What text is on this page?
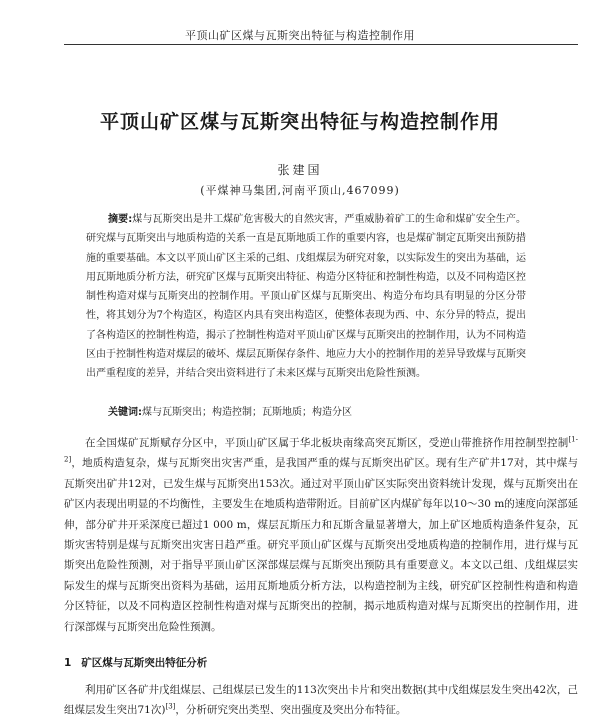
平顶山矿区煤与瓦斯突出特征与构造控制作用
平顶山矿区煤与瓦斯突出特征与构造控制作用
张建国
(平煤神马集团,河南平顶山,467099)

摘要:煤与瓦斯突出是井工煤矿危害极大的自然灾害，严重威胁着矿工的生命和煤矿安全生产。研究煤与瓦斯突出与地质构造的关系一直是瓦斯地质工作的重要内容，也是煤矿制定瓦斯突出预防措施的重要基础。本文以平顶山矿区主采的己组、戊组煤层为研究对象，以实际发生的突出为基础，运用瓦斯地质分析方法，研究矿区煤与瓦斯突出特征、构造分区特征和控制性构造，以及不同构造区控制性构造对煤与瓦斯突出的控制作用。平顶山矿区煤与瓦斯突出、构造分布均具有明显的分区分带性，将其划分为7个构造区，构造区内具有突出构造区，使整体表现为西、中、东分异的特点，提出了各构造区的控制性构造，揭示了控制性构造对平顶山矿区煤与瓦斯突出的控制作用，认为不同构造区由于控制性构造对煤层的破坏、煤层瓦斯保存条件、地应力大小的控制作用的差异导致煤与瓦斯突出严重程度的差异，并结合突出资料进行了未来区煤与瓦斯突出危险性预测。

关键词:煤与瓦斯突出；构造控制；瓦斯地质；构造分区

在全国煤矿瓦斯赋存分区中，平顶山矿区属于华北板块南缘高突瓦斯区，受逆山带推挤作用控制型控制[1-2]，地质构造复杂，煤与瓦斯突出灾害严重，是我国严重的煤与瓦斯突出矿区。现有生产矿井17对，其中煤与瓦斯突出矿井12对，已发生煤与瓦斯突出153次。通过对平顶山矿区实际突出资料统计发现，煤与瓦斯突出在矿区内表现出明显的不均衡性，主要发生在地质构造带附近。目前矿区内煤矿每年以10～30 m的速度向深部延伸，部分矿井开采深度已超过1 000 m，煤层瓦斯压力和瓦斯含量显著增大，加上矿区地质构造条件复杂，瓦斯灾害特别是煤与瓦斯突出灾害日趋严重。研究平顶山矿区煤与瓦斯突出受地质构造的控制作用，进行煤与瓦斯突出危险性预测，对于指导平顶山矿区深部煤层煤与瓦斯突出预防具有重要意义。本文以己组、戊组煤层实际发生的煤与瓦斯突出资料为基础，运用瓦斯地质分析方法，以构造控制为主线，研究矿区控制性构造和构造分区特征，以及不同构造区控制性构造对煤与瓦斯突出的控制，揭示地质构造对煤与瓦斯突出的控制作用，进行深部煤与瓦斯突出危险性预测。

1 矿区煤与瓦斯突出特征分析

利用矿区各矿井戊组煤层、己组煤层已发生的113次突出卡片和突出数据(其中戊组煤层发生突出42次，己组煤层发生突出71次)[3]，分析研究突出类型、突出强度及突出分布特征。
